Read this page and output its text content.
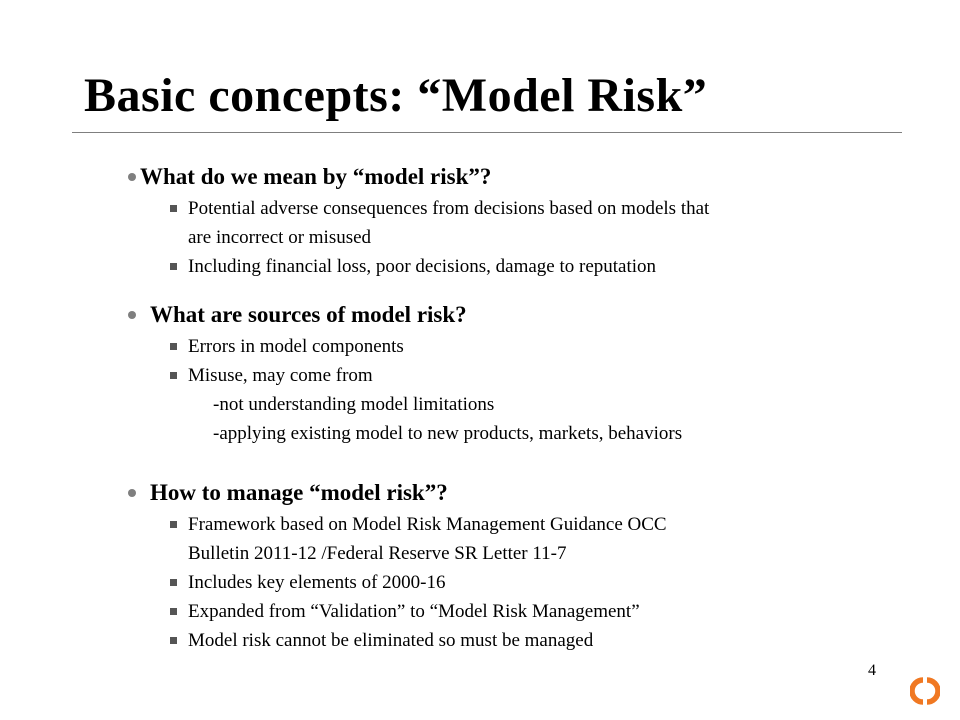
Basic concepts: “Model Risk”
What do we mean by “model risk”?
Potential adverse consequences from decisions based on models that
are incorrect or misused
Including financial loss, poor decisions, damage to reputation
What are sources of model risk?
Errors in model components
Misuse, may come from
-not understanding model limitations
-applying existing model to new products, markets, behaviors
How to manage “model risk”?
Framework based on Model Risk Management Guidance OCC
Bulletin 2011-12 /Federal Reserve SR Letter 11-7
Includes key elements of 2000-16
Expanded from “Validation” to “Model Risk Management”
Model risk cannot be eliminated so must be managed
4
